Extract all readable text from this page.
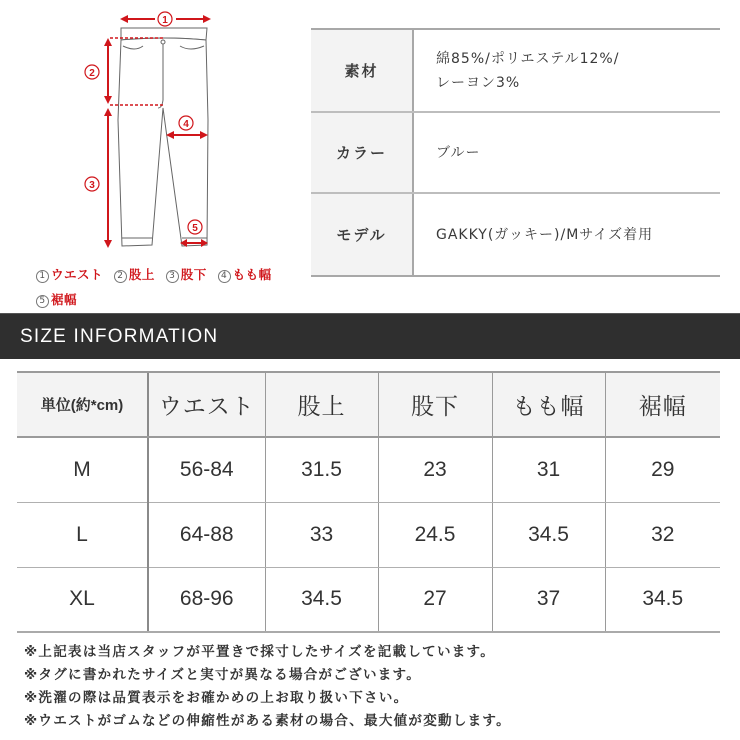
1
2
3
4
5
1 ウエスト 2 股上 3 股下 4 もも幅
5 裾幅
素材	綿85%/ポリエステル12%/
レーヨン3%

カラー	ブルー
モデル	GAKKY(ガッキー)/Mサイズ着用
SIZE INFORMATION
単位(約*cm)	ウエスト	股上	股下	もも幅	裾幅
M	56-84	31.5	23	31	29
L	64-88	33	24.5	34.5	32
XL	68-96	34.5	27	37	34.5
※上記表は当店スタッフが平置きで採寸したサイズを記載しています。
※タグに書かれたサイズと実寸が異なる場合がございます。
※洗濯の際は品質表示をお確かめの上お取り扱い下さい。
※ウエストがゴムなどの伸縮性がある素材の場合、最大値が変動します。
